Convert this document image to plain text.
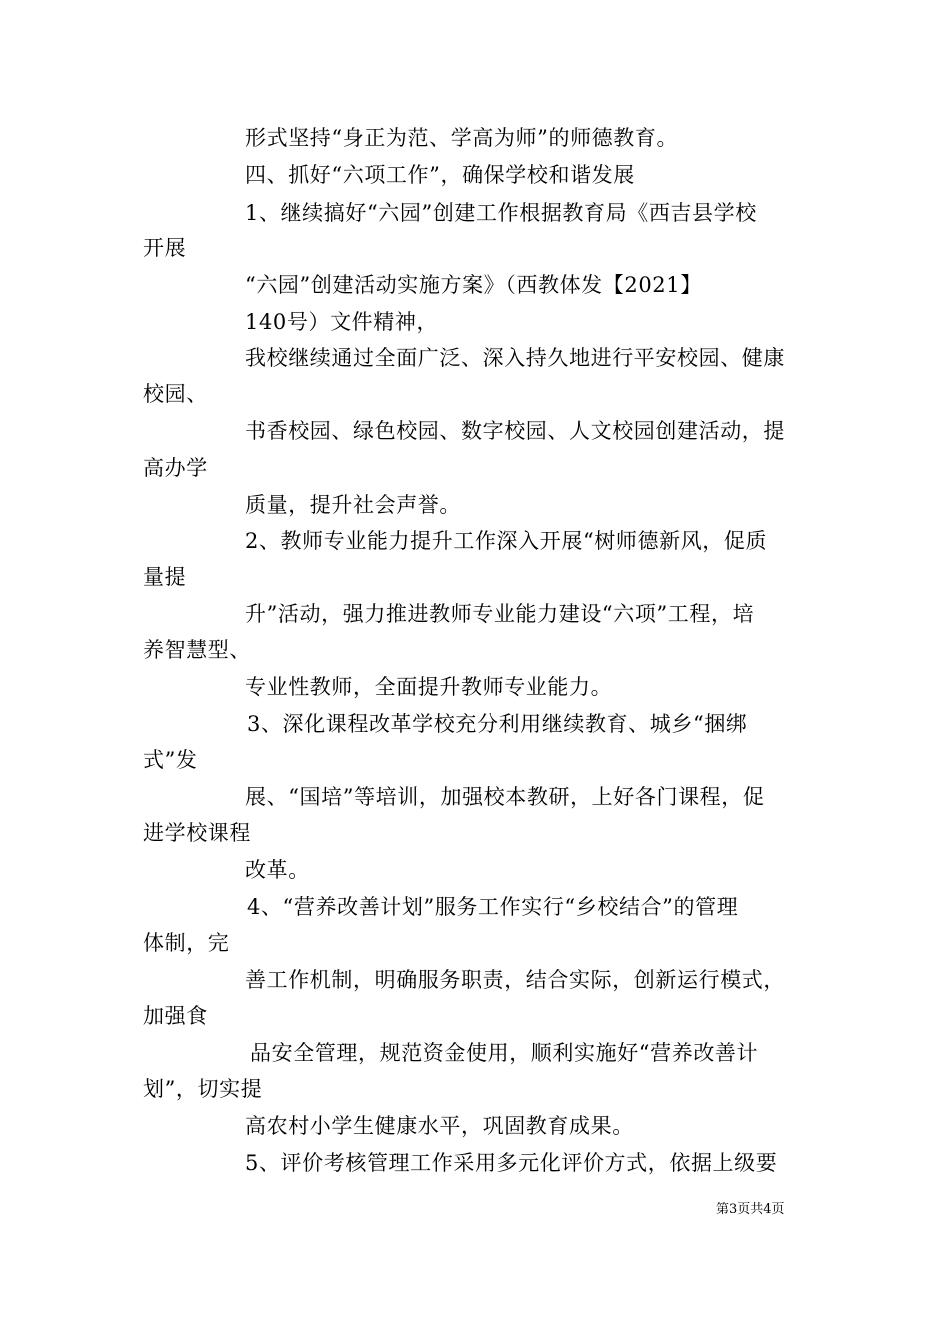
形式坚持“身正为范、学高为师”的师德教育。
四、抓好“六项工作”，确保学校和谐发展
1、继续搞好“六园”创建工作根据教育局《西吉县学校
开展
“六园”创建活动实施方案》（西教体发【2021】
140号）文件精神，
我校继续通过全面广泛、深入持久地进行平安校园、健康
校园、
书香校园、绿色校园、数字校园、人文校园创建活动，提
高办学
质量，提升社会声誉。
2、教师专业能力提升工作深入开展“树师德新风，促质
量提
升”活动，强力推进教师专业能力建设“六项”工程，培
养智慧型、
专业性教师，全面提升教师专业能力。
3、深化课程改革学校充分利用继续教育、城乡“捆绑
式”发
展、“国培”等培训，加强校本教研，上好各门课程，促
进学校课程
改革。
4、“营养改善计划”服务工作实行“乡校结合”的管理
体制，完
善工作机制，明确服务职责，结合实际，创新运行模式，
加强食
品安全管理，规范资金使用，顺利实施好“营养改善计
划”，切实提
高农村小学生健康水平，巩固教育成果。
5、评价考核管理工作采用多元化评价方式，依据上级要
第3页共4页
